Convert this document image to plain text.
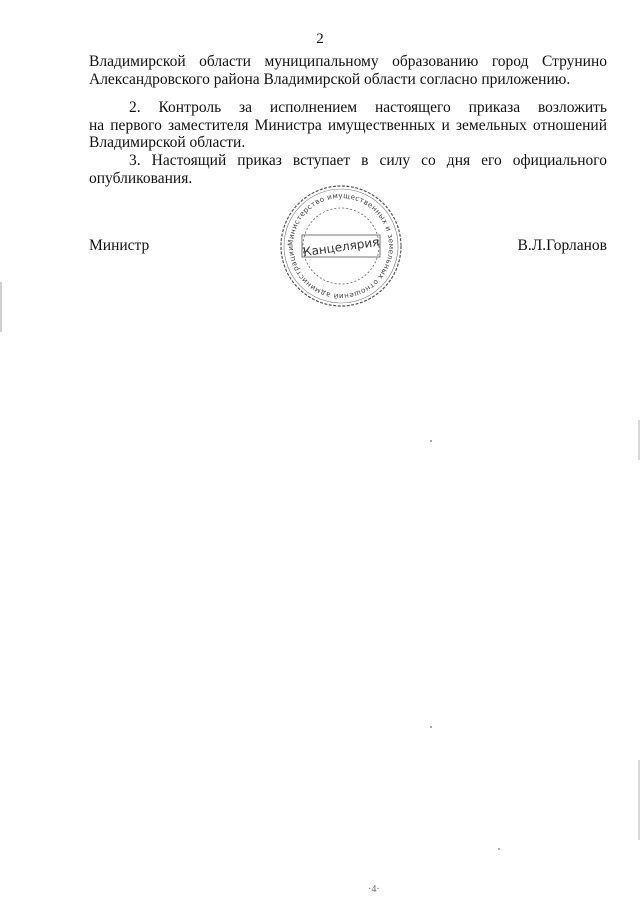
2
Владимирской области муниципальному образованию город Струнино
Александровского района Владимирской области согласно приложению.
2. Контроль за исполнением настоящего приказа возложить
на первого заместителя Министра имущественных и земельных отношений
Владимирской области.
3. Настоящий приказ вступает в силу со дня его официального
опубликования.
Министр	В.Л.Горланов
Министерство имущественных и земельных отношений администрации Канцелярия
·4·
